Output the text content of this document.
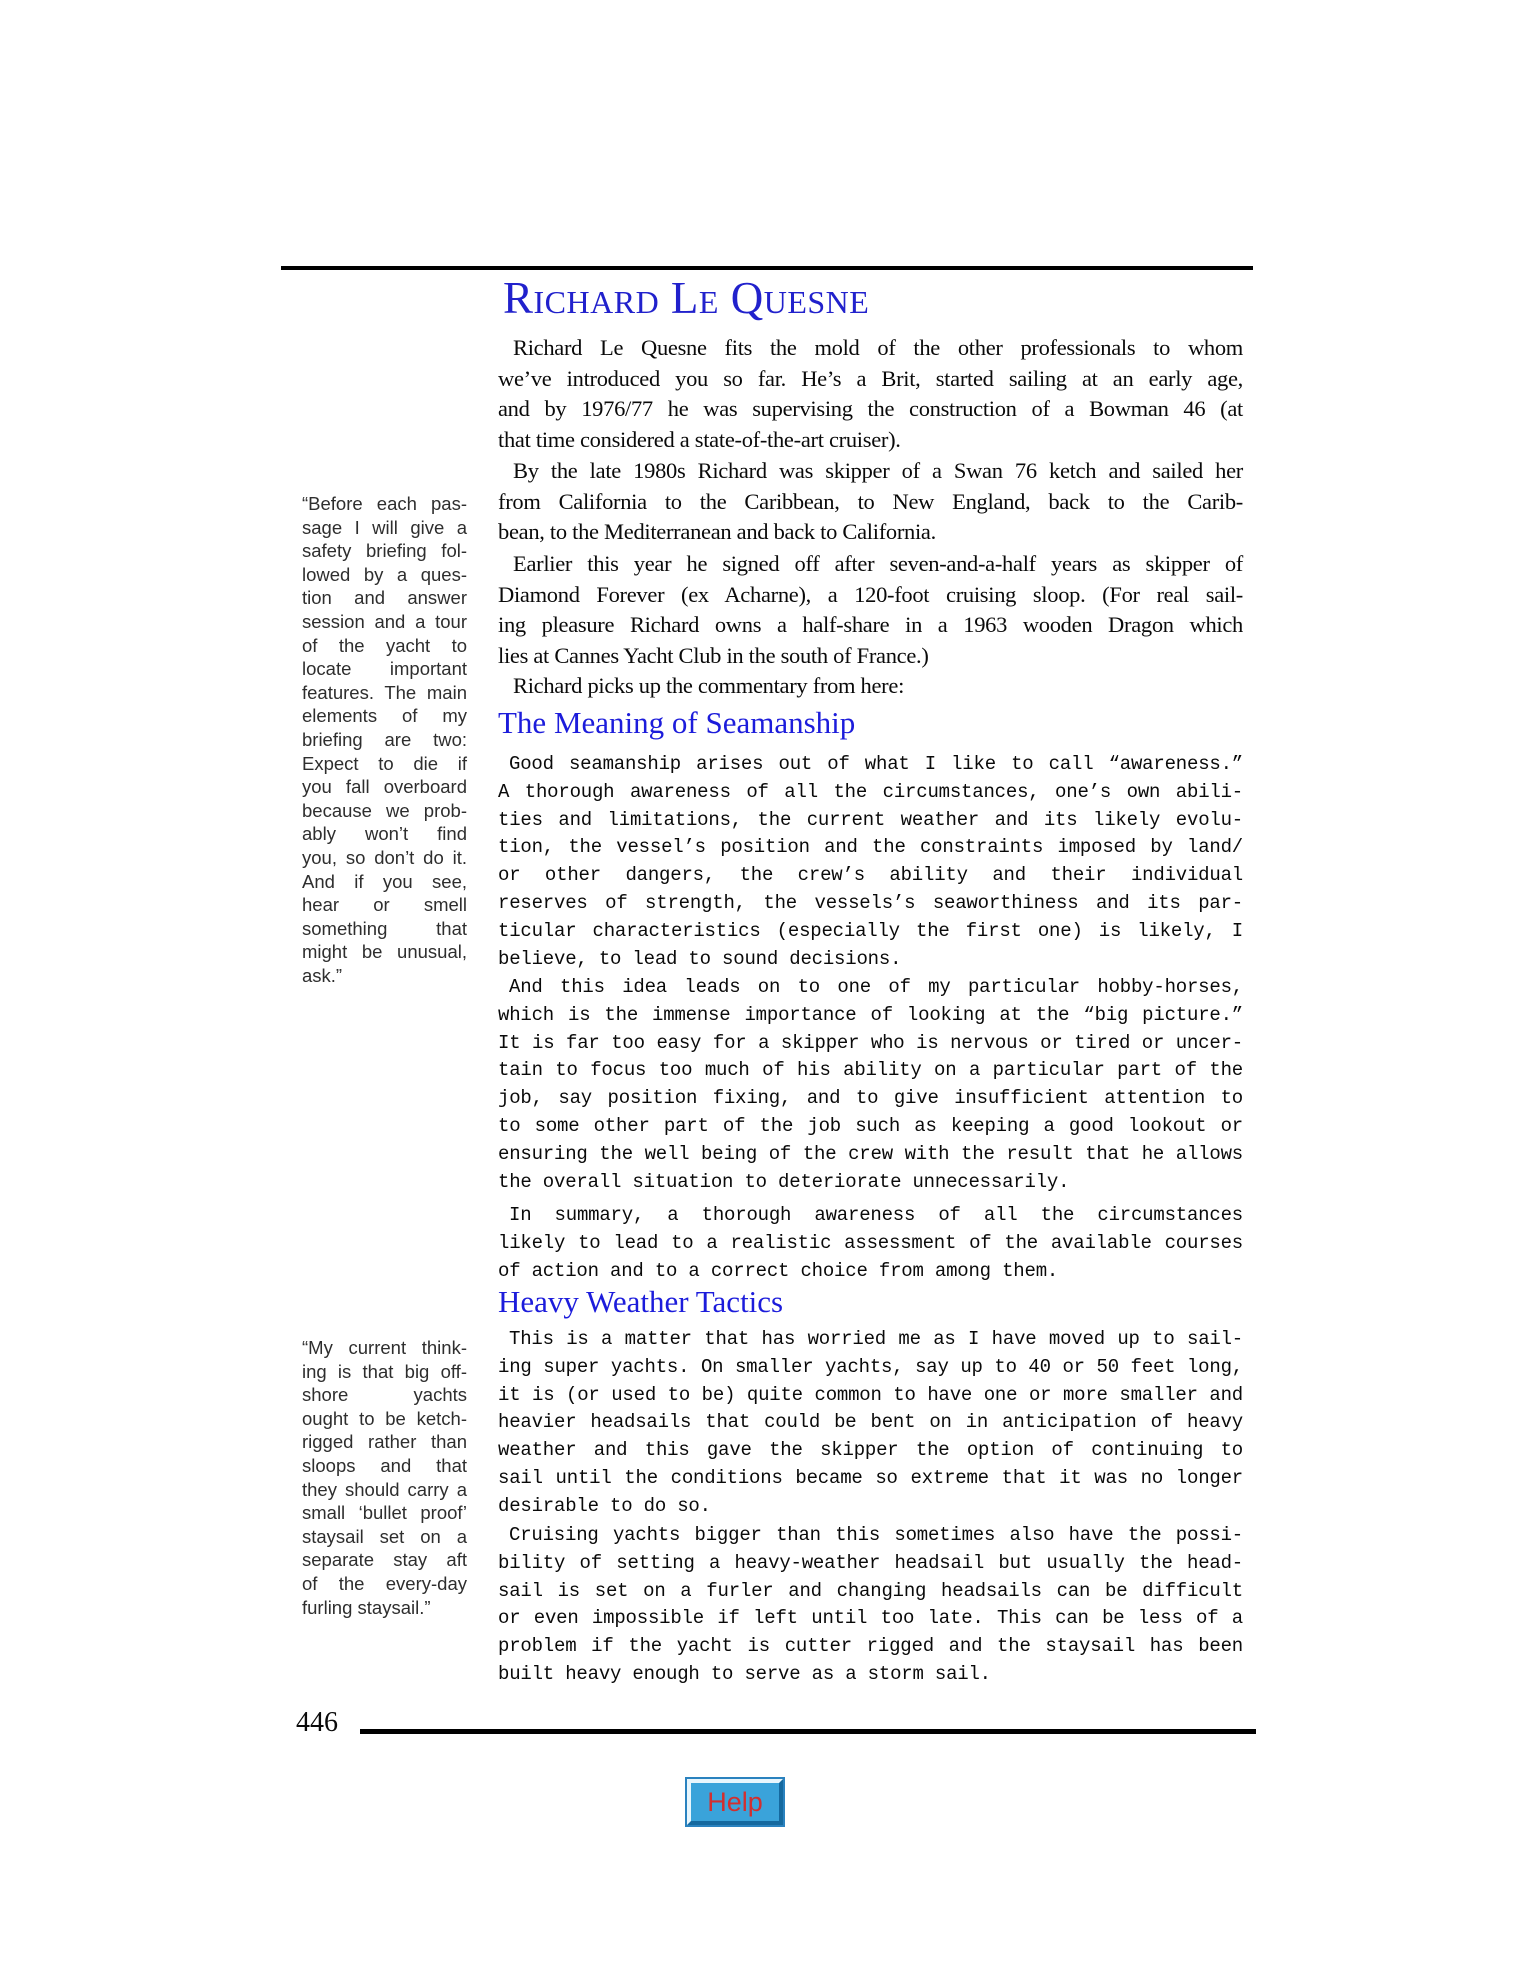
Richard Le Quesne
“Before each pas-
sage I will give a
safety briefing fol-
lowed by a ques-
tion and answer
session and a tour
of the yacht to
locate important
features. The main
elements of my
briefing are two:
Expect to die if
you fall overboard
because we prob-
ably won’t find
you, so don’t do it.
And if you see,
hear or smell
something that
might be unusual,
ask.”
“My current think-
ing is that big off-
shore yachts
ought to be ketch-
rigged rather than
sloops and that
they should carry a
small ‘bullet proof’
staysail set on a
separate stay aft
of the every-day
furling staysail.”
Richard Le Quesne fits the mold of the other professionals to whom
we’ve introduced you so far. He’s a Brit, started sailing at an early age,
and by 1976/77 he was supervising the construction of a Bowman 46 (at
that time considered a state-of-the-art cruiser).
By the late 1980s Richard was skipper of a Swan 76 ketch and sailed her
from California to the Caribbean, to New England, back to the Carib-
bean, to the Mediterranean and back to California.
Earlier this year he signed off after seven-and-a-half years as skipper of
Diamond Forever (ex Acharne), a 120-foot cruising sloop. (For real sail-
ing pleasure Richard owns a half-share in a 1963 wooden Dragon which
lies at Cannes Yacht Club in the south of France.)
Richard picks up the commentary from here:
The Meaning of Seamanship
Good seamanship arises out of what I like to call “awareness.”
A thorough awareness of all the circumstances, one’s own abili-
ties and limitations, the current weather and its likely evolu-
tion, the vessel’s position and the constraints imposed by land/
or other dangers, the crew’s ability and their individual
reserves of strength, the vessels’s seaworthiness and its par-
ticular characteristics (especially the first one) is likely, I
believe, to lead to sound decisions.
And this idea leads on to one of my particular hobby-horses,
which is the immense importance of looking at the “big picture.”
It is far too easy for a skipper who is nervous or tired or uncer-
tain to focus too much of his ability on a particular part of the
job, say position fixing, and to give insufficient attention to
to some other part of the job such as keeping a good lookout or
ensuring the well being of the crew with the result that he allows
the overall situation to deteriorate unnecessarily.
In summary, a thorough awareness of all the circumstances
likely to lead to a realistic assessment of the available courses
of action and to a correct choice from among them.
Heavy Weather Tactics
This is a matter that has worried me as I have moved up to sail-
ing super yachts. On smaller yachts, say up to 40 or 50 feet long,
it is (or used to be) quite common to have one or more smaller and
heavier headsails that could be bent on in anticipation of heavy
weather and this gave the skipper the option of continuing to
sail until the conditions became so extreme that it was no longer
desirable to do so.
Cruising yachts bigger than this sometimes also have the possi-
bility of setting a heavy-weather headsail but usually the head-
sail is set on a furler and changing headsails can be difficult
or even impossible if left until too late. This can be less of a
problem if the yacht is cutter rigged and the staysail has been
built heavy enough to serve as a storm sail.
446
Help
